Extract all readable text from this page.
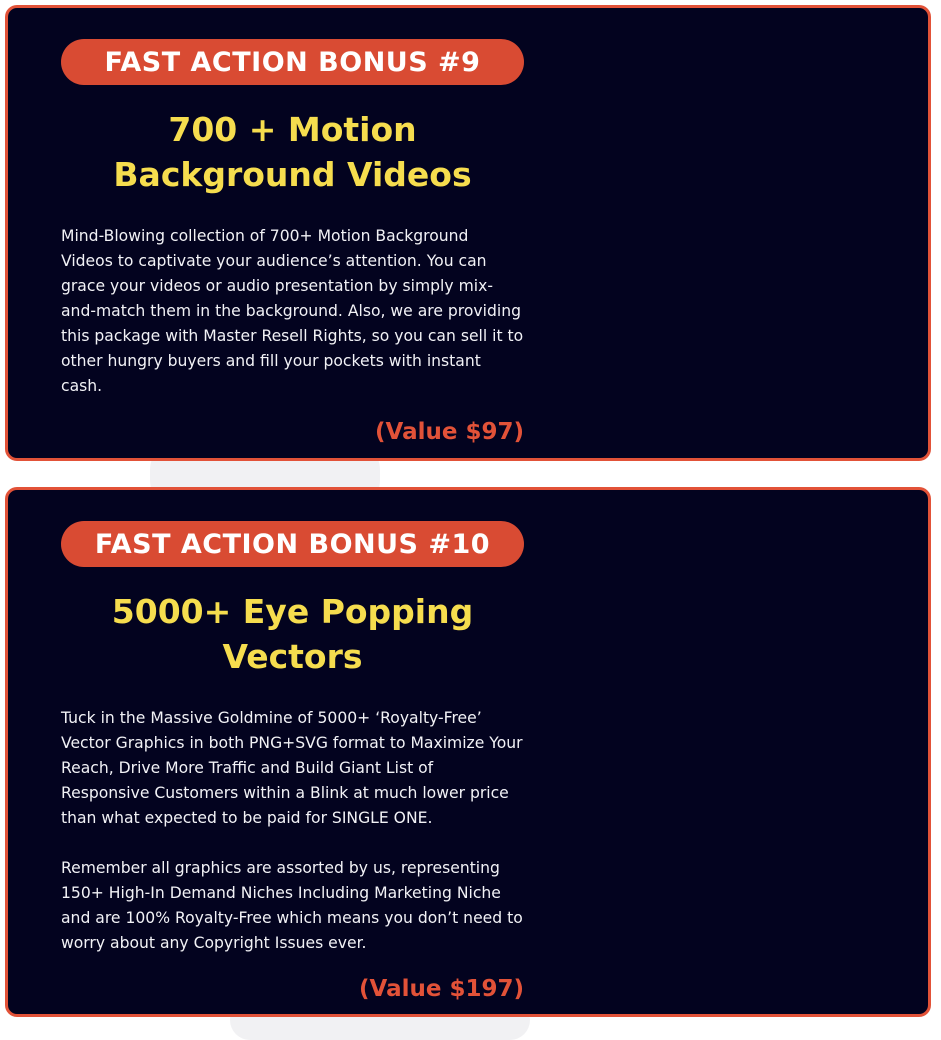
FAST ACTION BONUS #9
700 + Motion Background Videos

Mind-Blowing collection of 700+ Motion Background Videos to captivate your audience’s attention. You can grace your videos or audio presentation by simply mix-and-match them in the background. Also, we are providing this package with Master Resell Rights, so you can sell it to other hungry buyers and fill your pockets with instant cash.

(Value $97)
FAST ACTION BONUS #10
5000+ Eye Popping Vectors

Tuck in the Massive Goldmine of 5000+ ‘Royalty-Free’ Vector Graphics in both PNG+SVG format to Maximize Your Reach, Drive More Traffic and Build Giant List of Responsive Customers within a Blink at much lower price than what expected to be paid for SINGLE ONE.

Remember all graphics are assorted by us, representing 150+ High-In Demand Niches Including Marketing Niche and are 100% Royalty-Free which means you don’t need to worry about any Copyright Issues ever.

(Value $197)
